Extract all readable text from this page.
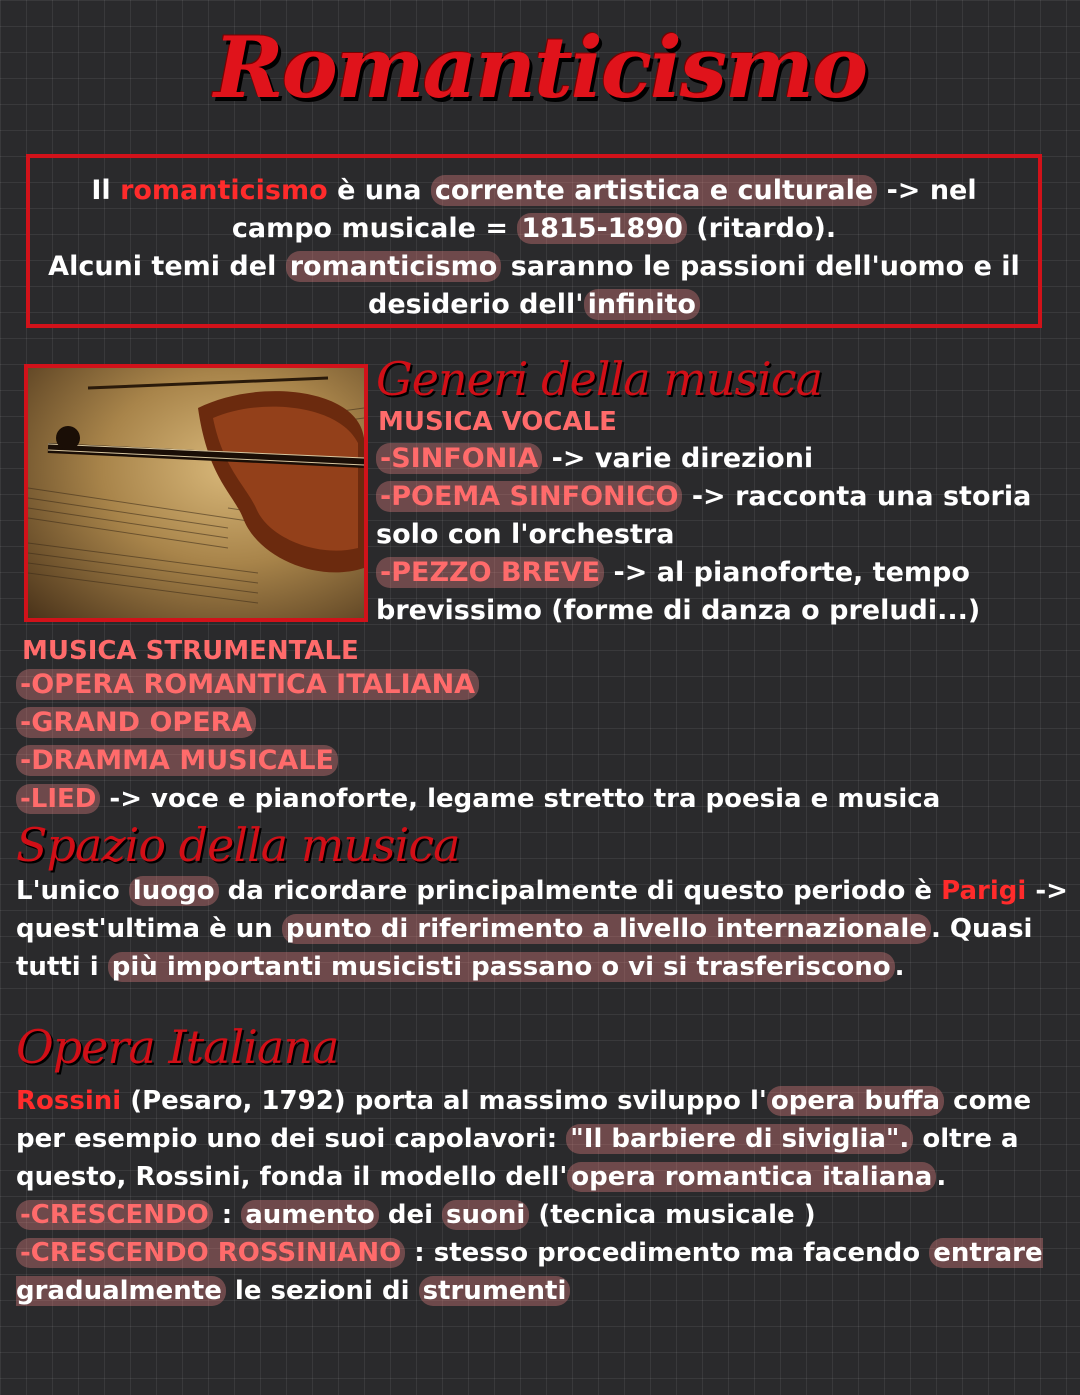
Romanticismo
Il romanticismo è una corrente artistica e culturale -> nel campo musicale = 1815-1890 (ritardo).
Alcuni temi del romanticismo saranno le passioni dell'uomo e il desiderio dell' infinito
Generi della musica
MUSICA VOCALE
-SINFONIA -> varie direzioni
-POEMA SINFONICO -> racconta una storia
solo con l'orchestra
-PEZZO BREVE -> al pianoforte, tempo
brevissimo (forme di danza o preludi...)
MUSICA STRUMENTALE
-OPERA ROMANTICA ITALIANA
-GRAND OPERA
-DRAMMA MUSICALE
-LIED -> voce e pianoforte, legame stretto tra poesia e musica
Spazio della musica
L'unico luogo da ricordare principalmente di questo periodo è Parigi -> quest'ultima è un punto di riferimento a livello internazionale . Quasi tutti i più importanti musicisti passano o vi si trasferiscono .
Opera Italiana
Rossini (Pesaro, 1792) porta al massimo sviluppo l' opera buffa come per esempio uno dei suoi capolavori: "Il barbiere di siviglia". oltre a questo, Rossini, fonda il modello dell' opera romantica italiana .
-CRESCENDO : aumento dei suoni (tecnica musicale )
-CRESCENDO ROSSINIANO : stesso procedimento ma facendo entrare gradualmente le sezioni di strumenti
